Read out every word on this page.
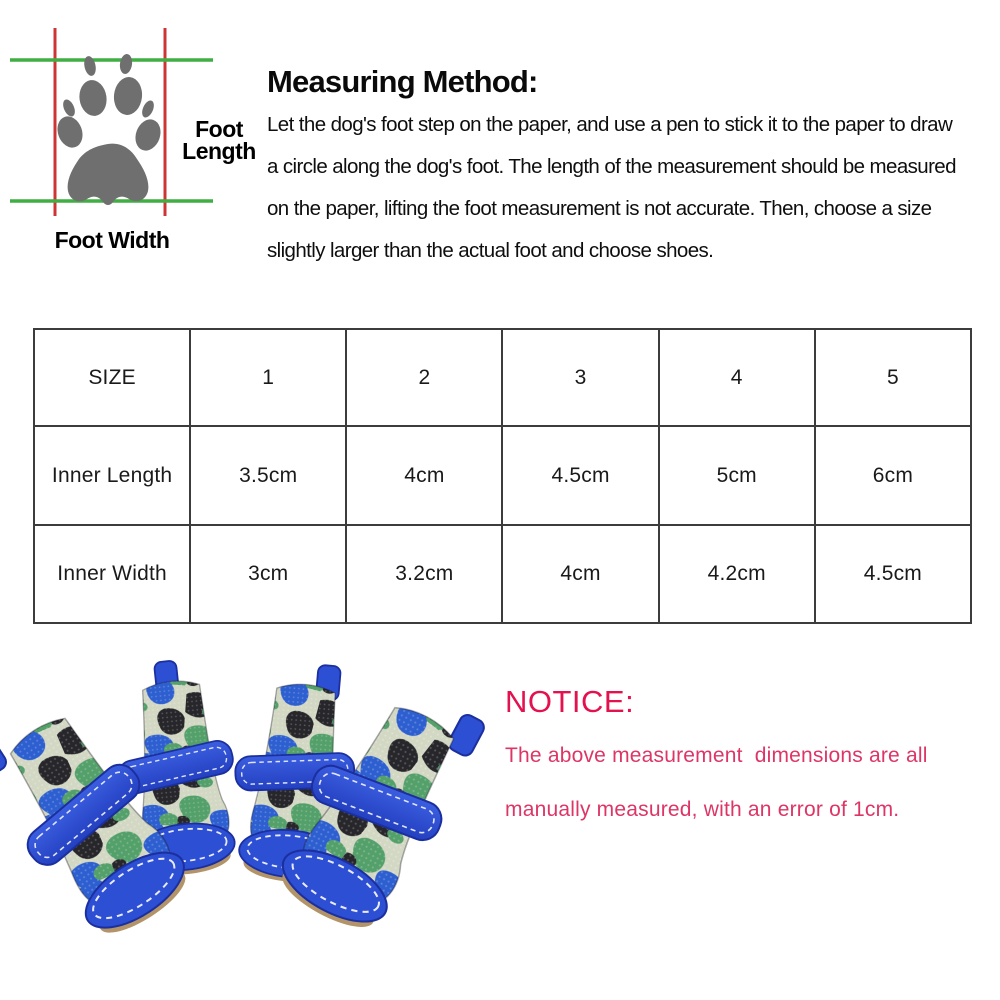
Foot
Length
Foot Width
Measuring Method:
Let the dog's foot step on the paper, and use a pen to stick it to the paper to draw
a circle along the dog's foot. The length of the measurement should be measured
on the paper, lifting the foot measurement is not accurate. Then, choose a size
slightly larger than the actual foot and choose shoes.
SIZE	1	2	3	4	5
Inner Length	3.5cm	4cm	4.5cm	5cm	6cm
Inner Width	3cm	3.2cm	4cm	4.2cm	4.5cm
NOTICE:
The above measurement  dimensions are all
manually measured, with an error of 1cm.
